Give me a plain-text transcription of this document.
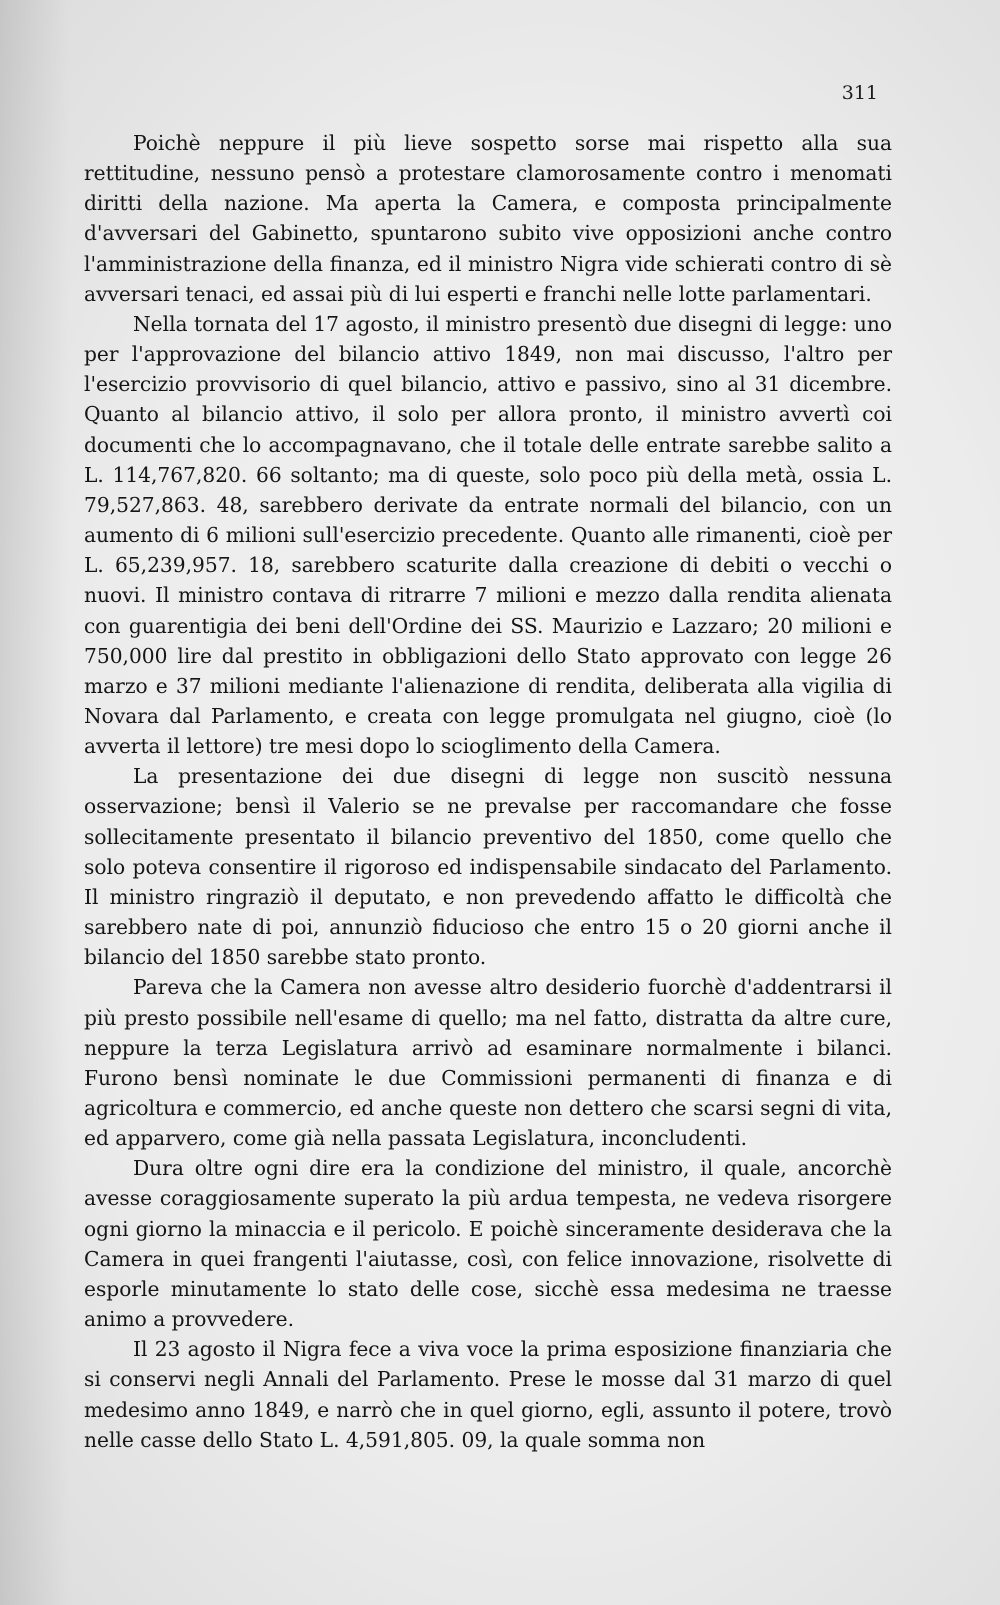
311

Poichè neppure il più lieve sospetto sorse mai rispetto alla sua rettitudine, nessuno pensò a protestare clamorosamente contro i menomati diritti della nazione. Ma aperta la Camera, e composta principalmente d'avversari del Gabinetto, spuntarono subito vive opposizioni anche contro l'amministrazione della finanza, ed il ministro Nigra vide schierati contro di sè avversari tenaci, ed assai più di lui esperti e franchi nelle lotte parlamentari.

Nella tornata del 17 agosto, il ministro presentò due disegni di legge: uno per l'approvazione del bilancio attivo 1849, non mai discusso, l'altro per l'esercizio provvisorio di quel bilancio, attivo e passivo, sino al 31 dicembre. Quanto al bilancio attivo, il solo per allora pronto, il ministro avvertì coi documenti che lo accompagnavano, che il totale delle entrate sarebbe salito a L. 114,767,820. 66 soltanto; ma di queste, solo poco più della metà, ossia L. 79,527,863. 48, sarebbero derivate da entrate normali del bilancio, con un aumento di 6 milioni sull'esercizio precedente. Quanto alle rimanenti, cioè per L. 65,239,957. 18, sarebbero scaturite dalla creazione di debiti o vecchi o nuovi. Il ministro contava di ritrarre 7 milioni e mezzo dalla rendita alienata con guarentigia dei beni dell'Ordine dei SS. Maurizio e Lazzaro; 20 milioni e 750,000 lire dal prestito in obbligazioni dello Stato approvato con legge 26 marzo e 37 milioni mediante l'alienazione di rendita, deliberata alla vigilia di Novara dal Parlamento, e creata con legge promulgata nel giugno, cioè (lo avverta il lettore) tre mesi dopo lo scioglimento della Camera.

La presentazione dei due disegni di legge non suscitò nessuna osservazione; bensì il Valerio se ne prevalse per raccomandare che fosse sollecitamente presentato il bilancio preventivo del 1850, come quello che solo poteva consentire il rigoroso ed indispensabile sindacato del Parlamento. Il ministro ringraziò il deputato, e non prevedendo affatto le difficoltà che sarebbero nate di poi, annunziò fiducioso che entro 15 o 20 giorni anche il bilancio del 1850 sarebbe stato pronto.

Pareva che la Camera non avesse altro desiderio fuorchè d'addentrarsi il più presto possibile nell'esame di quello; ma nel fatto, distratta da altre cure, neppure la terza Legislatura arrivò ad esaminare normalmente i bilanci. Furono bensì nominate le due Commissioni permanenti di finanza e di agricoltura e commercio, ed anche queste non dettero che scarsi segni di vita, ed apparvero, come già nella passata Legislatura, inconcludenti.

Dura oltre ogni dire era la condizione del ministro, il quale, ancorchè avesse coraggiosamente superato la più ardua tempesta, ne vedeva risorgere ogni giorno la minaccia e il pericolo. E poichè sinceramente desiderava che la Camera in quei frangenti l'aiutasse, così, con felice innovazione, risolvette di esporle minutamente lo stato delle cose, sicchè essa medesima ne traesse animo a provvedere.

Il 23 agosto il Nigra fece a viva voce la prima esposizione finanziaria che si conservi negli Annali del Parlamento. Prese le mosse dal 31 marzo di quel medesimo anno 1849, e narrò che in quel giorno, egli, assunto il potere, trovò nelle casse dello Stato L. 4,591,805. 09, la quale somma non
